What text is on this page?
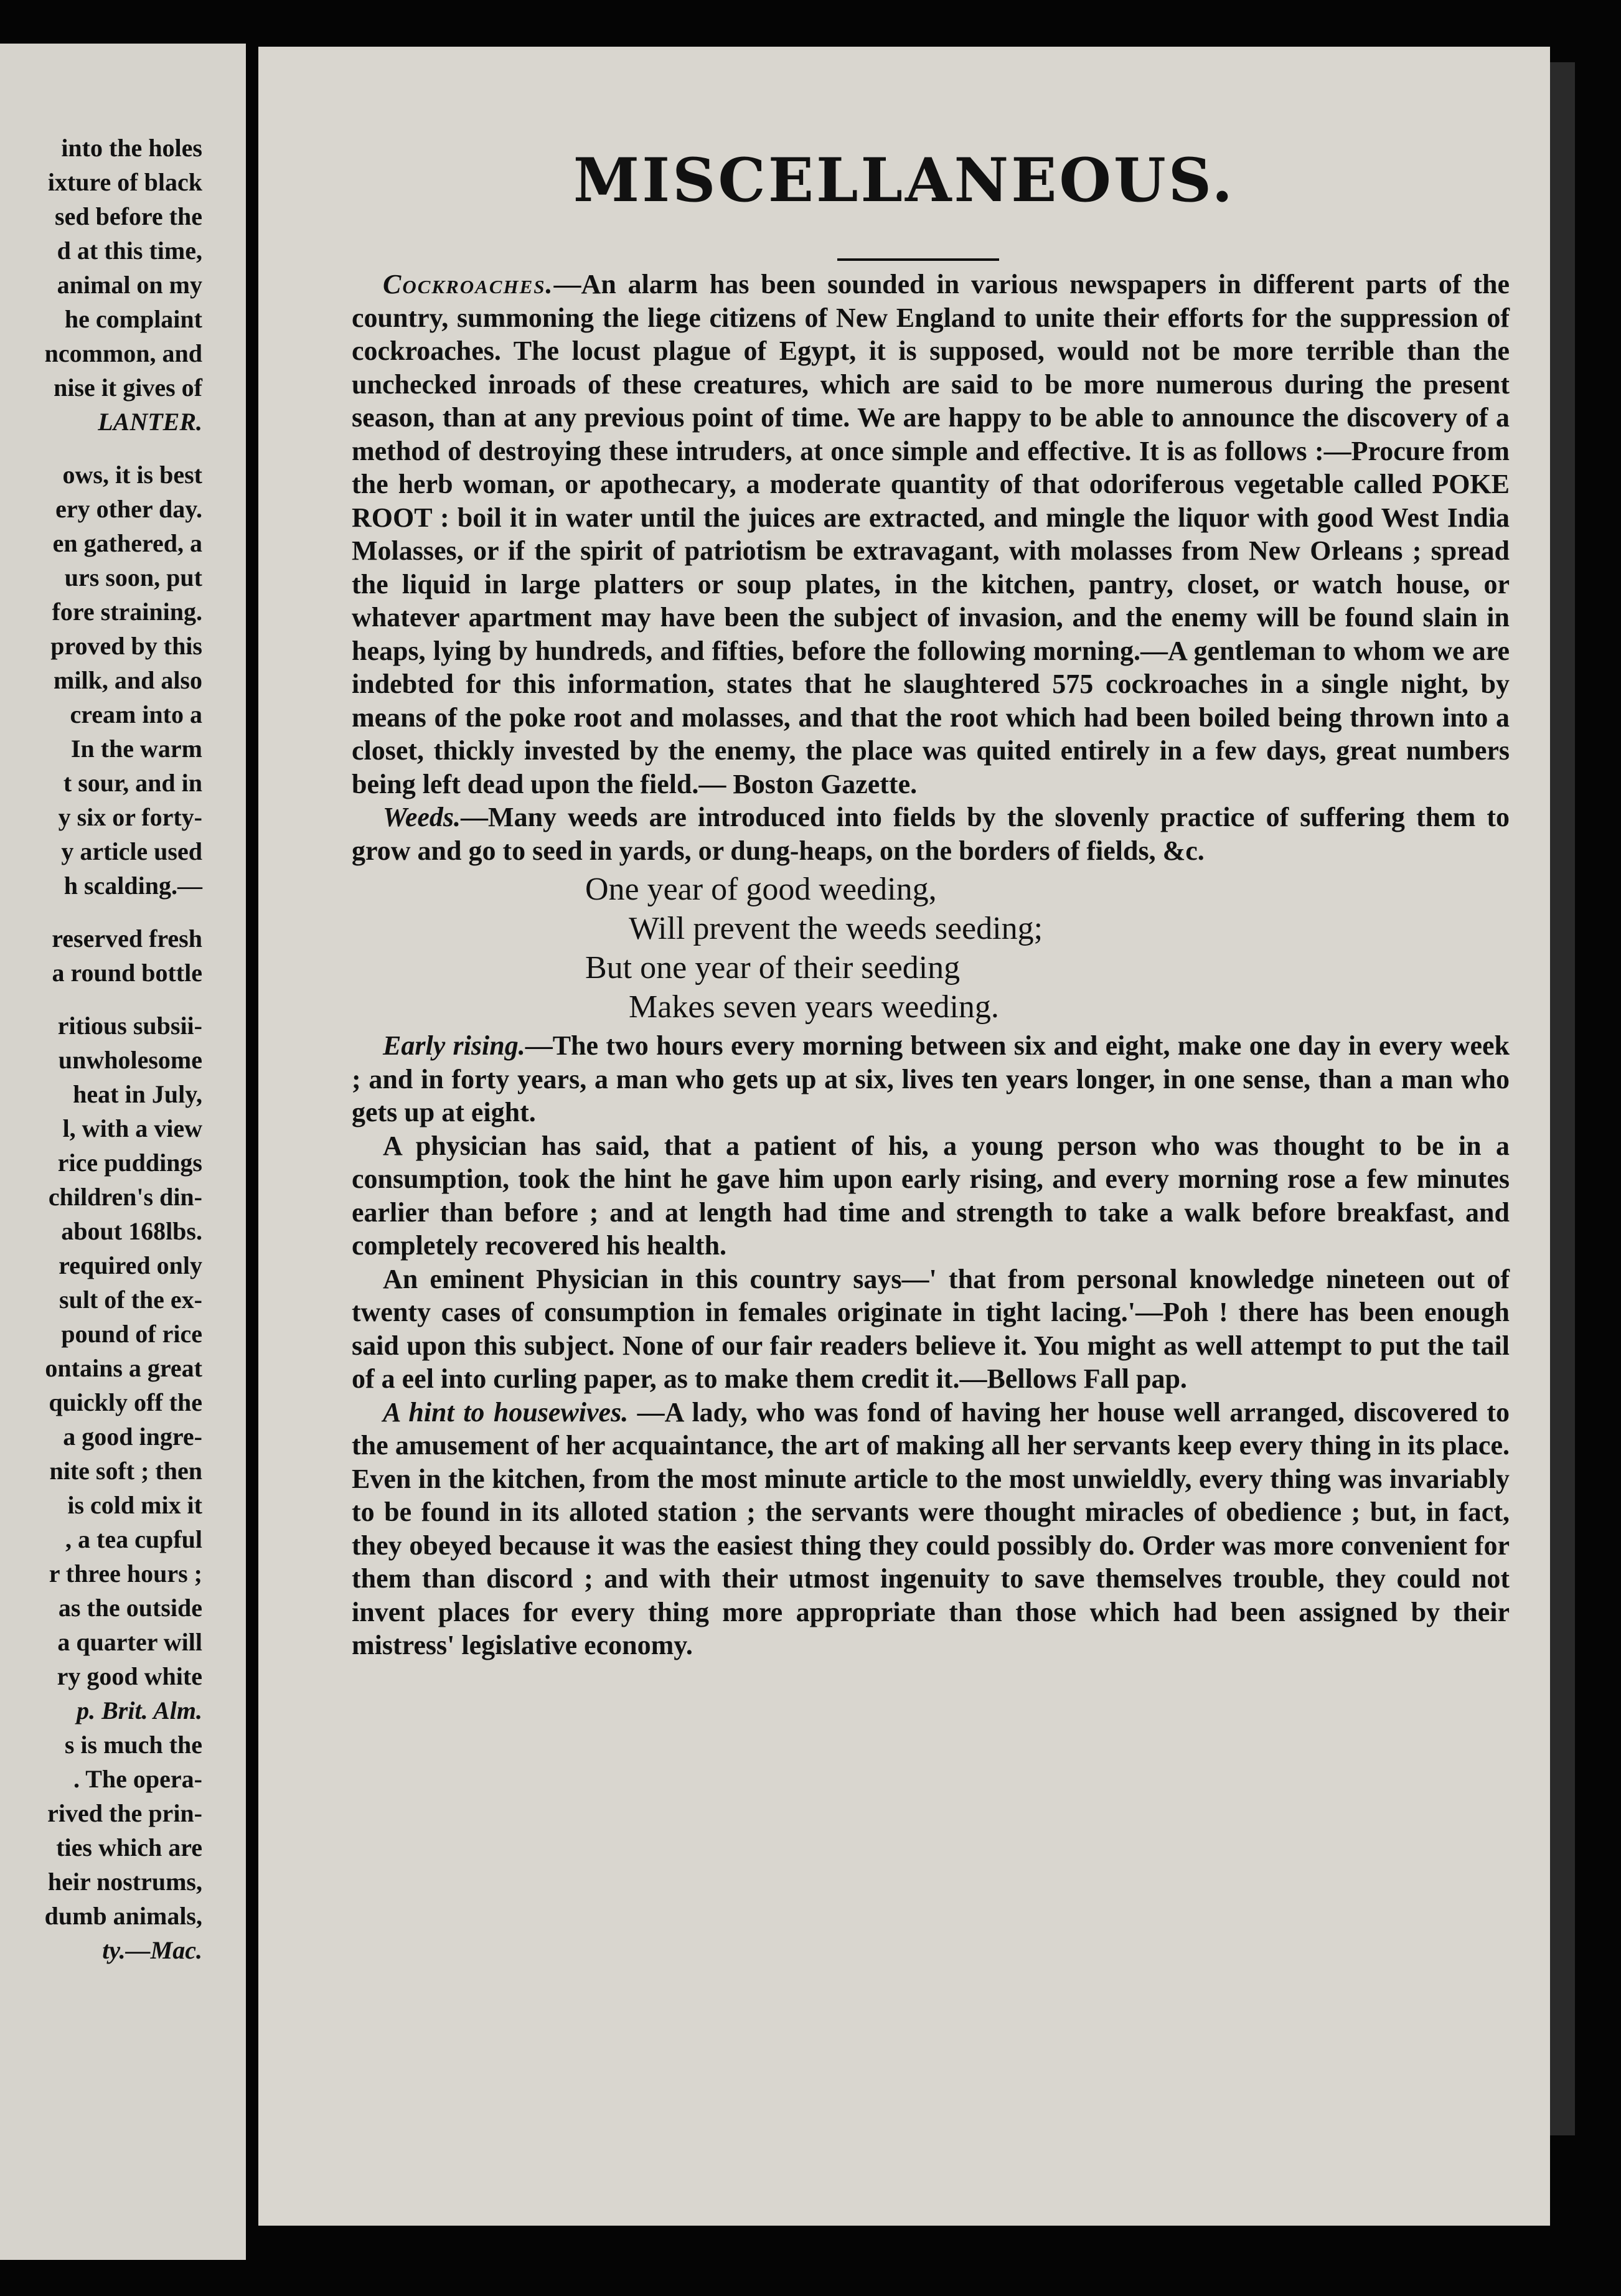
into the holes
ixture of black
sed before the
d at this time,
animal on my
he complaint
ncommon, and
nise it gives of
LANTER.
ows, it is best
ery other day.
en gathered, a
urs soon, put
fore straining.
proved by this
milk, and also
cream into a
In the warm
t sour, and in
y six or forty-
y article used
h scalding.—
reserved fresh
a round bottle
ritious subsii-
unwholesome
heat in July,
l, with a view
rice puddings
children's din-
about 168lbs.
required only
sult of the ex-
pound of rice
ontains a great
quickly off the
a good ingre-
nite soft ; then
is cold mix it
, a tea cupful
r three hours ;
as the outside
a quarter will
ry good white
p. Brit. Alm.
s is much the
. The opera-
rived the prin-
ties which are
heir nostrums,
dumb animals,
ty.—Mac.
MISCELLANEOUS.

Cockroaches.—An alarm has been sounded in various newspapers in different parts of the country, summoning the liege citizens of New England to unite their efforts for the suppression of cockroaches. The locust plague of Egypt, it is supposed, would not be more terrible than the unchecked inroads of these creatures, which are said to be more numerous during the present season, than at any previous point of time. We are happy to be able to announce the discovery of a method of destroying these intruders, at once simple and effective. It is as follows :—Procure from the herb woman, or apothecary, a moderate quantity of that odoriferous vegetable called POKE ROOT : boil it in water until the juices are extracted, and mingle the liquor with good West India Molasses, or if the spirit of patriotism be extravagant, with molasses from New Orleans ; spread the liquid in large platters or soup plates, in the kitchen, pantry, closet, or watch house, or whatever apartment may have been the subject of invasion, and the enemy will be found slain in heaps, lying by hundreds, and fifties, before the following morning.—A gentleman to whom we are indebted for this information, states that he slaughtered 575 cockroaches in a single night, by means of the poke root and molasses, and that the root which had been boiled being thrown into a closet, thickly invested by the enemy, the place was quited entirely in a few days, great numbers being left dead upon the field.— Boston Gazette.

Weeds.—Many weeds are introduced into fields by the slovenly practice of suffering them to grow and go to seed in yards, or dung-heaps, on the borders of fields, &c.

One year of good weeding,
Will prevent the weeds seeding;
But one year of their seeding
Makes seven years weeding.

Early rising.—The two hours every morning between six and eight, make one day in every week ; and in forty years, a man who gets up at six, lives ten years longer, in one sense, than a man who gets up at eight.

A physician has said, that a patient of his, a young person who was thought to be in a consumption, took the hint he gave him upon early rising, and every morning rose a few minutes earlier than before ; and at length had time and strength to take a walk before breakfast, and completely recovered his health.

An eminent Physician in this country says—' that from personal knowledge nineteen out of twenty cases of consumption in females originate in tight lacing.'—Poh ! there has been enough said upon this subject. None of our fair readers believe it. You might as well attempt to put the tail of a eel into curling paper, as to make them credit it.—Bellows Fall pap.

A hint to housewives. —A lady, who was fond of having her house well arranged, discovered to the amusement of her acquaintance, the art of making all her servants keep every thing in its place. Even in the kitchen, from the most minute article to the most unwieldly, every thing was invariably to be found in its alloted station ; the servants were thought miracles of obedience ; but, in fact, they obeyed because it was the easiest thing they could possibly do. Order was more convenient for them than discord ; and with their utmost ingenuity to save themselves trouble, they could not invent places for every thing more appropriate than those which had been assigned by their mistress' legislative economy.
